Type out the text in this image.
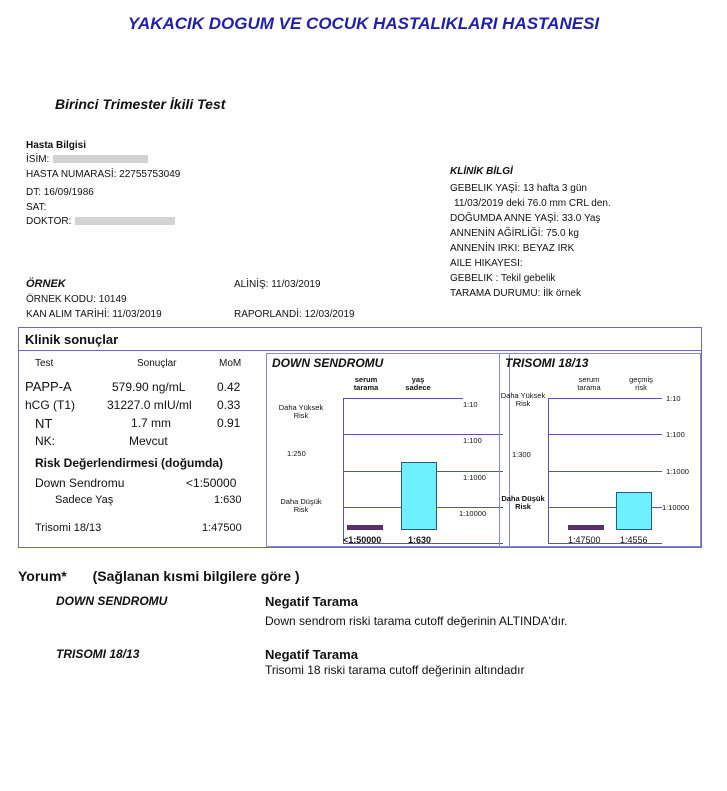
YAKACIK DOGUM VE COCUK HASTALIKLARI HASTANESI
Birinci Trimester İkili Test
Hasta Bilgisi
İSİM:
HASTA NUMARASİ: 22755753049
DT: 16/09/1986
SAT:
DOKTOR:
KLİNİK BİLGİ
GEBELIK YAŞİ: 13 hafta 3 gün
11/03/2019 deki 76.0 mm CRL den.
DOĞUMDA ANNE YAŞİ: 33.0 Yaş
ANNENİN AĞİRLİĞİ: 75.0 kg
ANNENİN IRKI: BEYAZ IRK
AILE HIKAYESI:
GEBELIK : Tekil gebelik
TARAMA DURUMU: İlk örnek
ÖRNEK
ÖRNEK KODU: 10149
KAN ALIM TARİHİ: 11/03/2019
ALİNİŞ: 11/03/2019
RAPORLANDİ: 12/03/2019
Klinik sonuçlar
Test	Sonuçlar	MoM
PAPP-A	579.90 ng/mL	0.42
hCG (T1)	31227.0 mIU/ml 0.33
NT	1.7 mm	0.91
NK:	Mevcut
Risk Değerlendirmesi (doğumda)
Down Sendromu	<1:50000
Sadece Yaş	1:630
Trisomi 18/13	1:47500
DOWN SENDROMU
serum
tarama
yaş
sadece
1:10
1:100
1:1000
1:10000
Daha Yüksek
Risk
1:250
Daha Düşük
Risk
<1:50000	1:630
TRISOMI 18/13
serum
tarama
geçmiş
risk
1:10
1:100
1:1000
1:10000
Daha Yüksek
Risk
1:300
Daha Düşük
Risk
1:47500 1:4556
Yorum* (Sağlanan kısmi bilgilere göre )
DOWN SENDROMU	Negatif Tarama
Down sendrom riski tarama cutoff değerinin ALTINDA'dır.
TRISOMI 18/13	Negatif Tarama
Trisomi 18 riski tarama cutoff değerinin altındadır
